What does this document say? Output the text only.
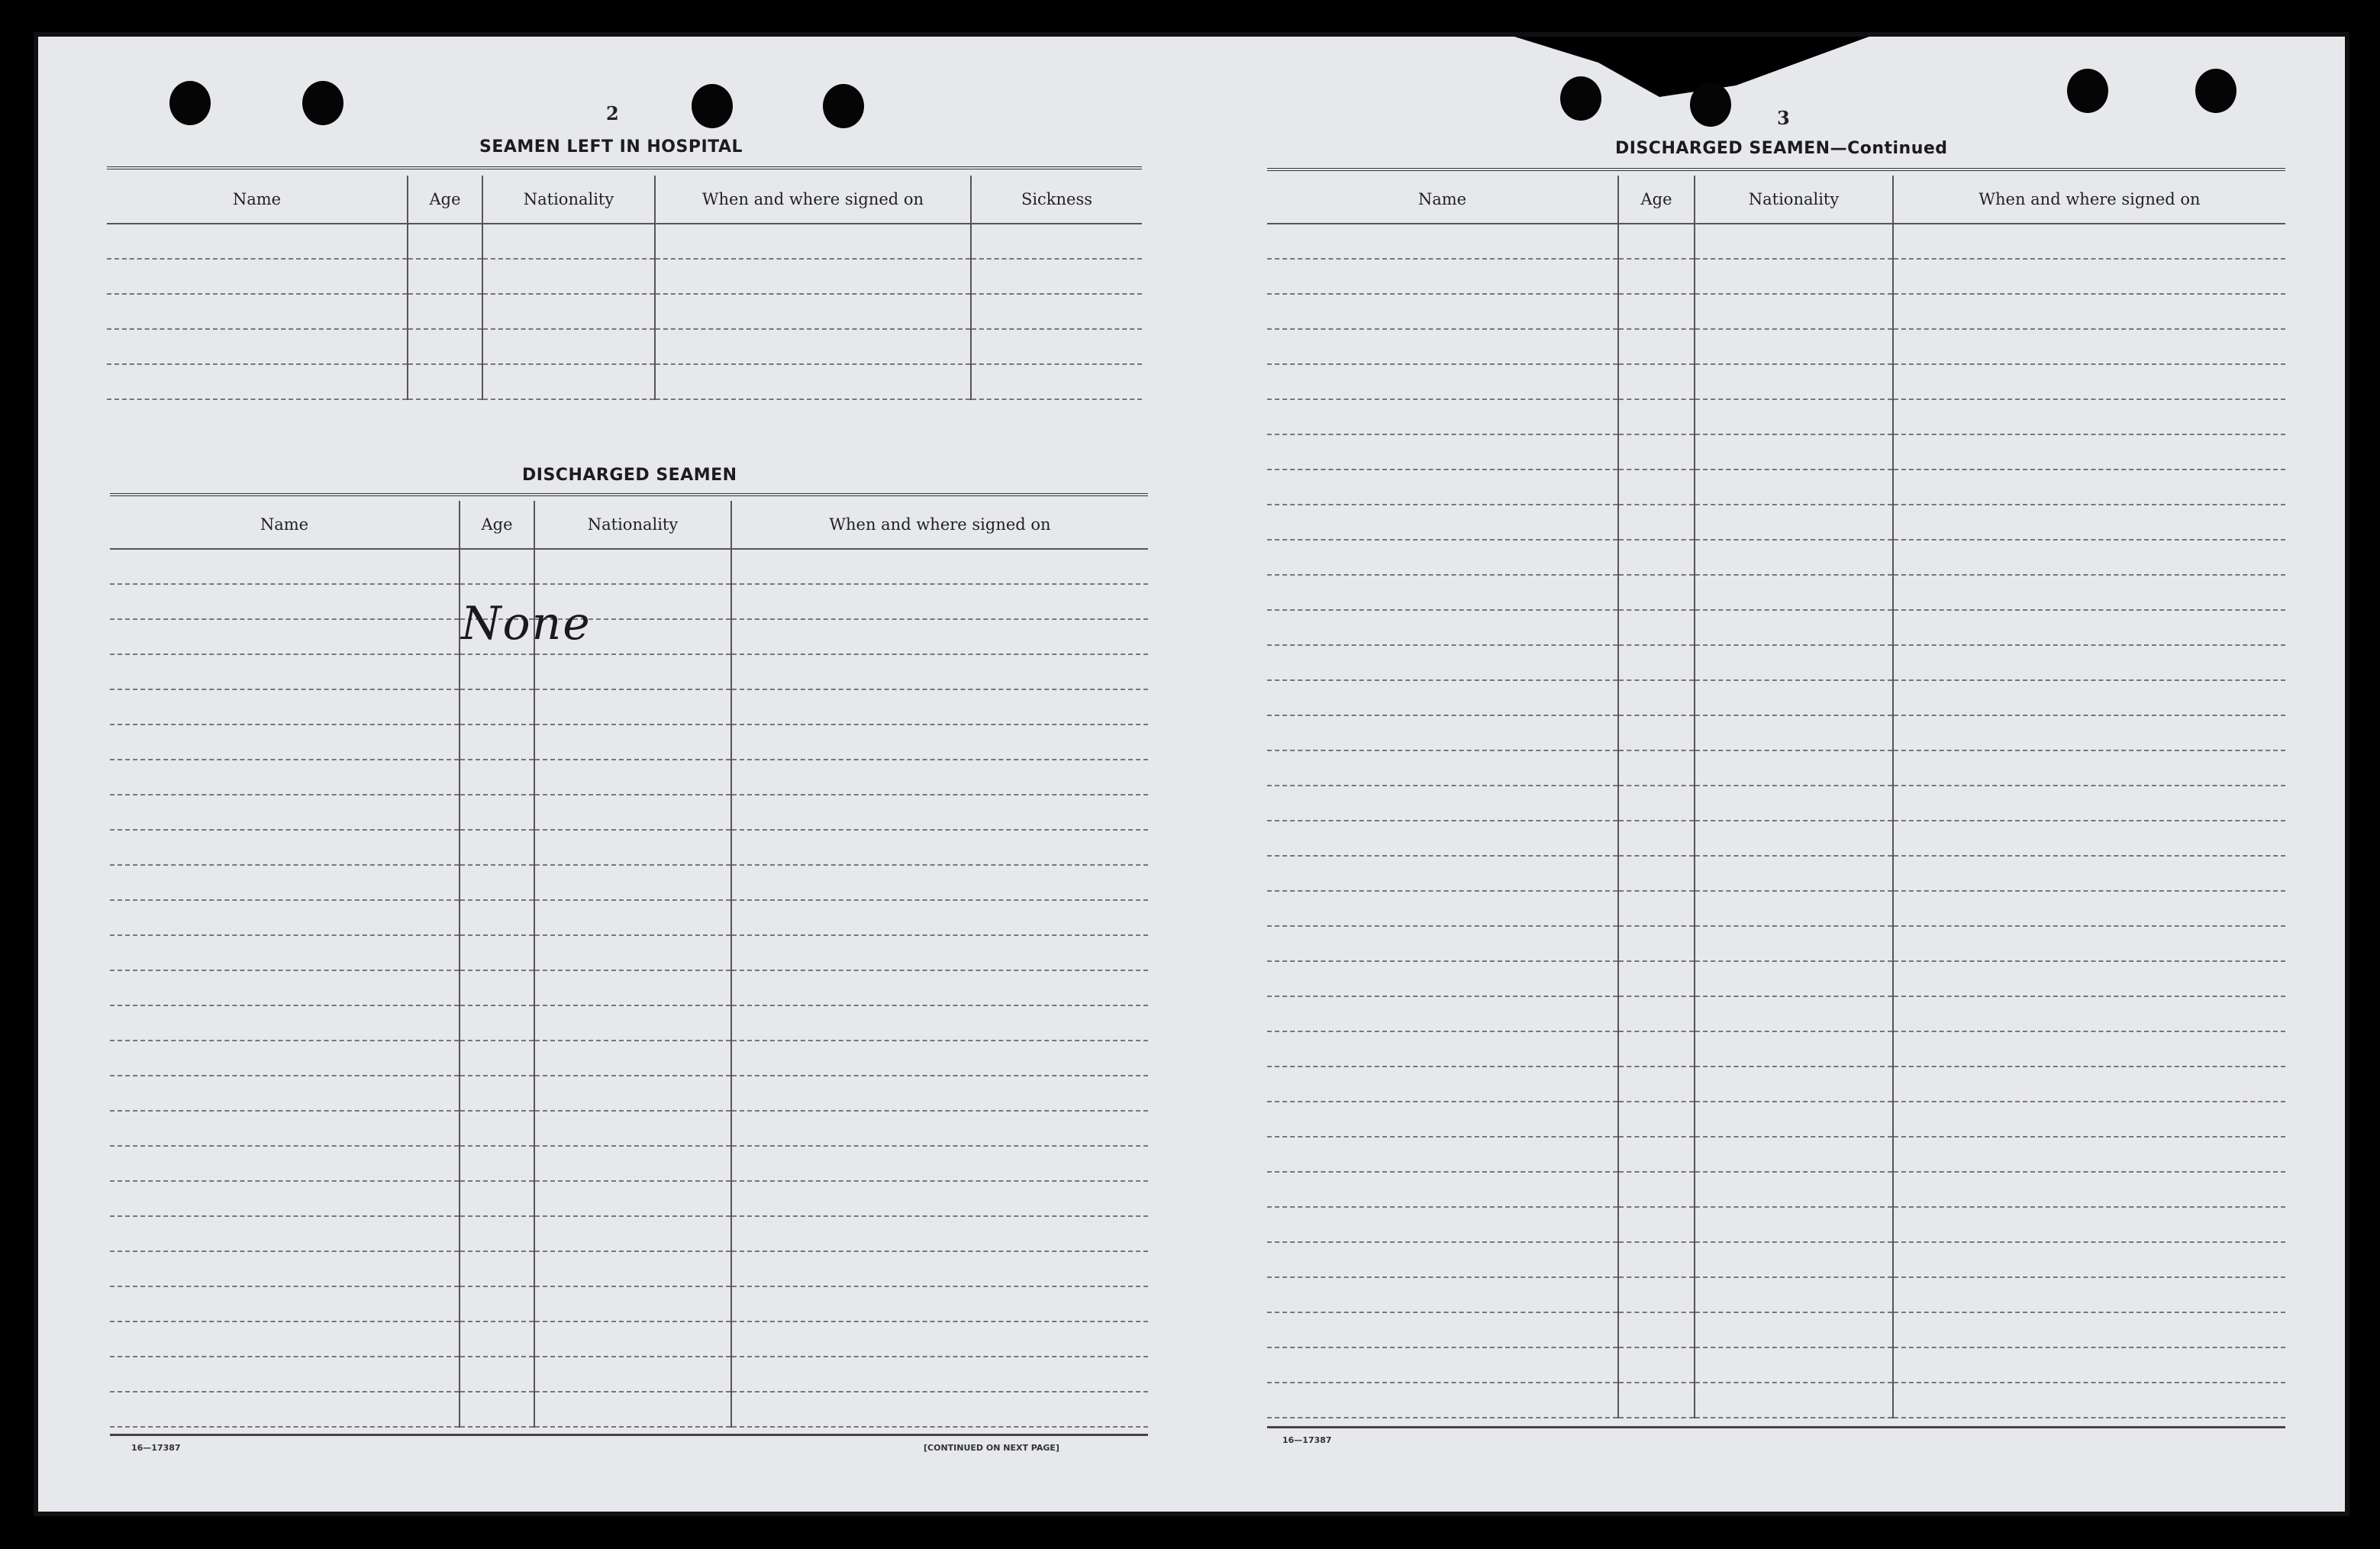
2
SEAMEN LEFT IN HOSPITAL
Name	Age	Nationality	When and where signed on	Sickness

DISCHARGED SEAMEN
Name	Age	Nationality	When and where signed on

None
16—17387	[CONTINUED ON NEXT PAGE]
3
DISCHARGED SEAMEN—Continued
Name	Age	Nationality	When and where signed on

16—17387
